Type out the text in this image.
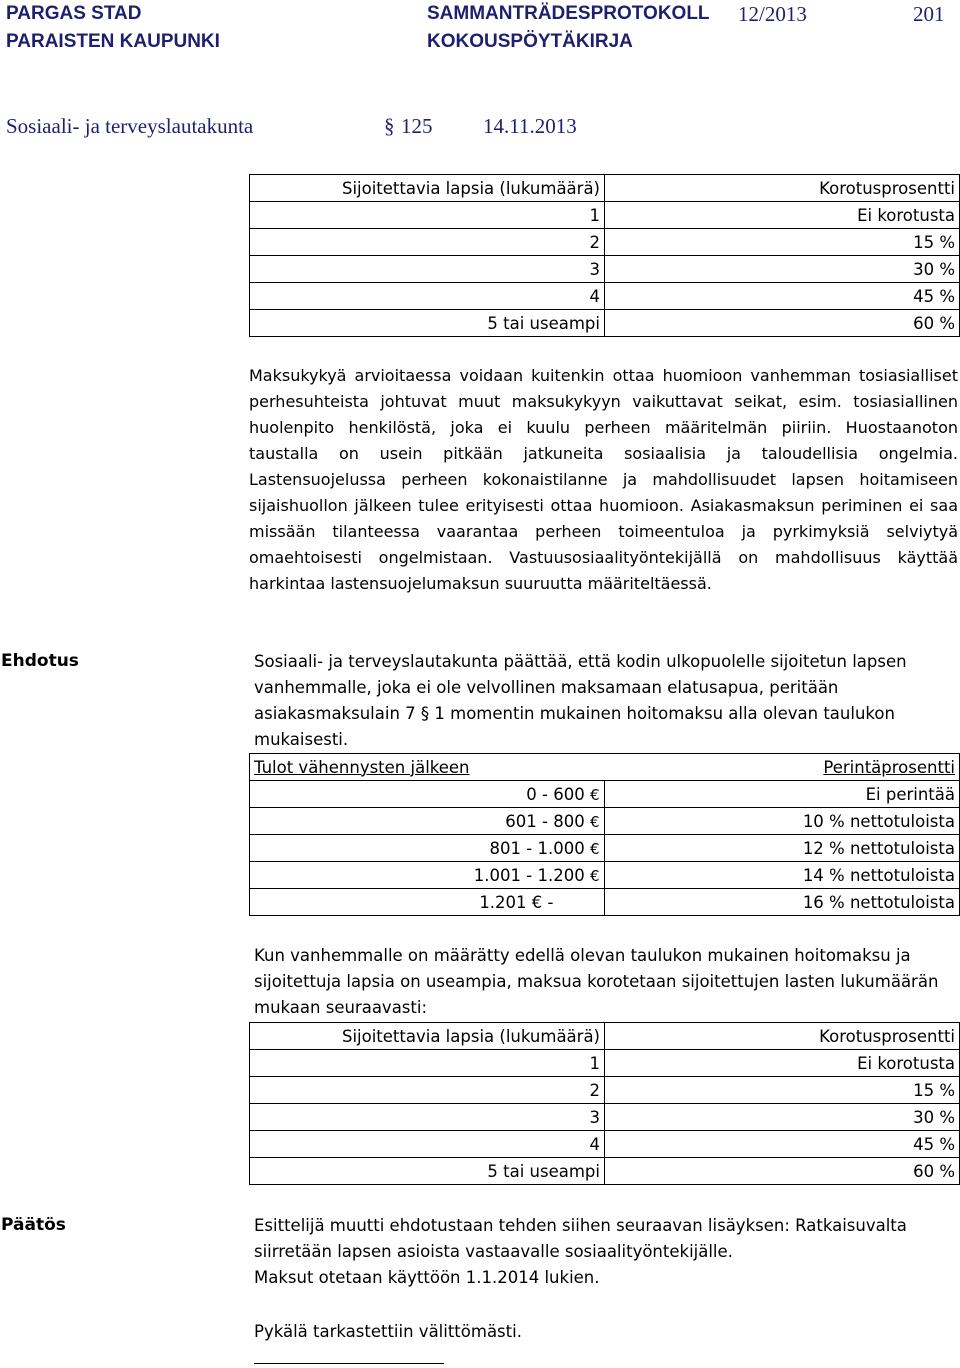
PARGAS STAD
PARAISTEN KAUPUNKI
SAMMANTRÄDESPROTOKOLL
KOKOUSPÖYTÄKIRJA
12/2013	201
Sosiaali- ja terveyslautakunta	§ 125 14.11.2013
Sijoitettavia lapsia (lukumäärä)	Korotusprosentti
1	Ei korotusta
2	15 %
3	30 %
4	45 %
5 tai useampi	60 %
Maksukykyä arvioitaessa voidaan kuitenkin ottaa huomioon vanhemman tosiasialliset perhesuhteista johtuvat muut maksukykyyn vaikuttavat seikat, esim. tosiasiallinen huolenpito henkilöstä, joka ei kuulu perheen määritelmän piiriin. Huostaanoton taustalla on usein pitkään jatkuneita sosiaalisia ja taloudellisia ongelmia. Lastensuojelussa perheen kokonaistilanne ja mahdollisuudet lapsen hoitamiseen sijaishuollon jälkeen tulee erityisesti ottaa huomioon. Asiakasmaksun periminen ei saa missään tilanteessa vaarantaa perheen toimeentuloa ja pyrkimyksiä selviytyä omaehtoisesti ongelmistaan. Vastuusosiaalityöntekijällä on mahdollisuus käyttää harkintaa lastensuojelumaksun suuruutta määriteltäessä.
Ehdotus	Sosiaali- ja terveyslautakunta päättää, että kodin ulkopuolelle sijoitetun lapsen vanhemmalle, joka ei ole velvollinen maksamaan elatusapua, peritään asiakasmaksulain 7 § 1 momentin mukainen hoitomaksu alla olevan taulukon mukaisesti.
Tulot vähennysten jälkeen	Perintäprosentti
0 - 600 €	Ei perintää
601 - 800 €	10 % nettotuloista
801 - 1.000 €	12 % nettotuloista
1.001 - 1.200 €	14 % nettotuloista
1.201 € -	16 % nettotuloista
Kun vanhemmalle on määrätty edellä olevan taulukon mukainen hoitomaksu ja sijoitettuja lapsia on useampia, maksua korotetaan sijoitettujen lasten lukumäärän mukaan seuraavasti:
Sijoitettavia lapsia (lukumäärä)	Korotusprosentti
1	Ei korotusta
2	15 %
3	30 %
4	45 %
5 tai useampi	60 %
Päätös	Esittelijä muutti ehdotustaan tehden siihen seuraavan lisäyksen: Ratkaisuvalta
siirretään lapsen asioista vastaavalle sosiaalityöntekijälle.
Maksut otetaan käyttöön 1.1.2014 lukien.
Pykälä tarkastettiin välittömästi.
